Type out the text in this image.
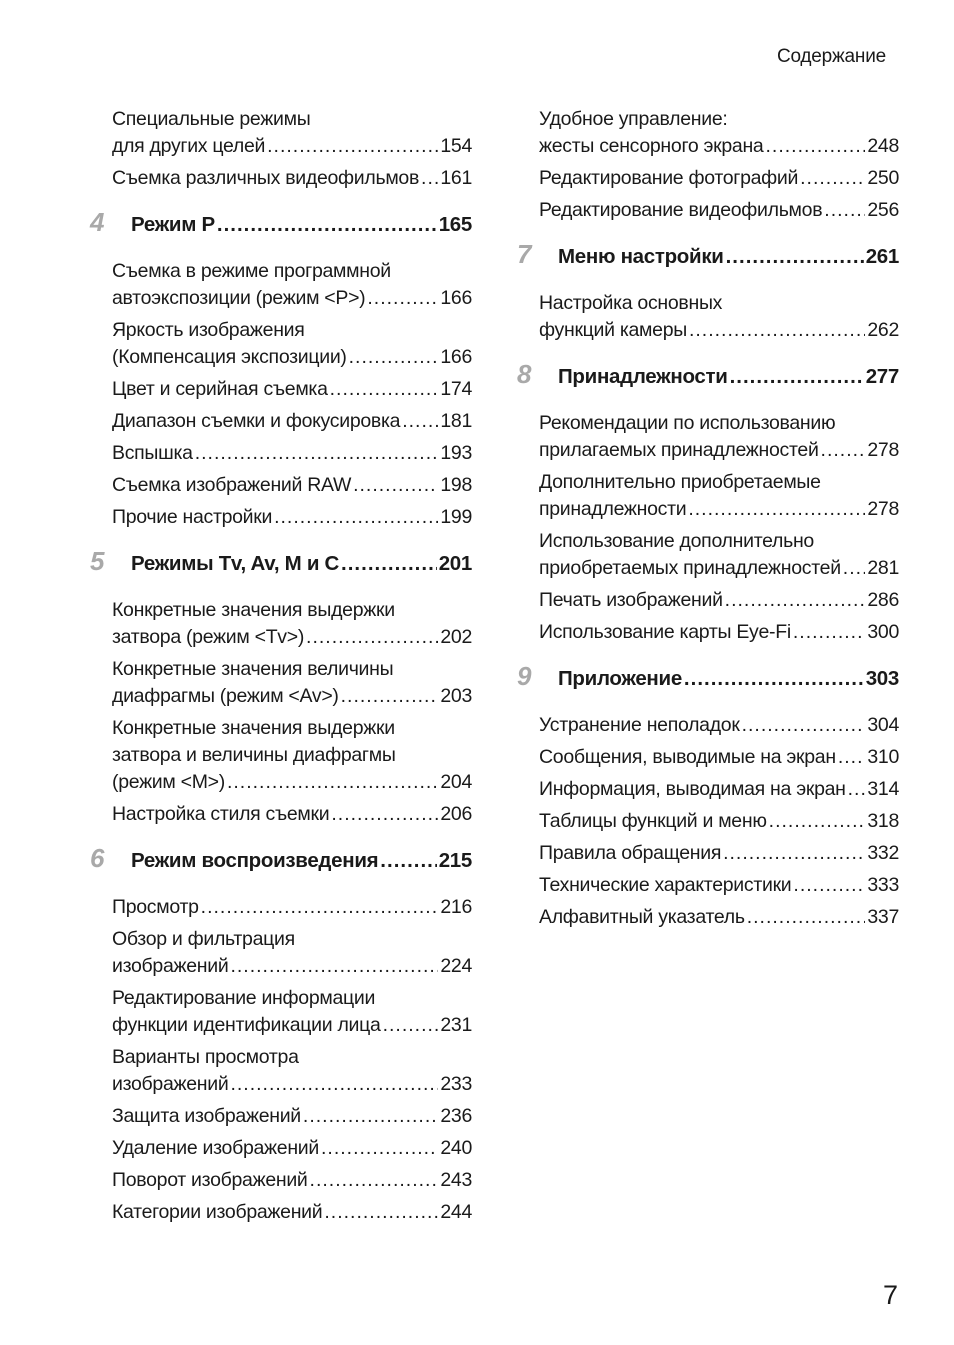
Содержание
Специальные режимы
для других целей .....	154
Съемка различных видеофильмов ..... 161
4 Режим P .....	165
Съемка в режиме программной
автоэкспозиции (режим <P>) .....	166
Яркость изображения
(Компенсация экспозиции) .....	166
Цвет и серийная съемка .....	174
Диапазон съемки и фокусировка ..... 181
Вспышка .....	193
Съемка изображений RAW .....	198
Прочие настройки .....	199
5 Режимы Tv, Av, M и C .....	201
Конкретные значения выдержки
затвора (режим <Tv>) .....	202
Конкретные значения величины
диафрагмы (режим <Av>) .....	203
Конкретные значения выдержки
затвора и величины диафрагмы
(режим <M>) .....	204
Настройка стиля съемки .....	206
6 Режим воспроизведения .....	215
Просмотр .....	216
Обзор и фильтрация
изображений .....	224
Редактирование информации
функции идентификации лица .....	231
Варианты просмотра
изображений .....	233
Защита изображений .....	236
Удаление изображений .....	240
Поворот изображений .....	243
Категории изображений .....	244
Удобное управление:
жесты сенсорного экрана .....	248
Редактирование фотографий .....	250
Редактирование видеофильмов ..... 256
7 Меню настройки .....	261
Настройка основных
функций камеры .....	262
8 Принадлежности .....	277
Рекомендации по использованию
прилагаемых принадлежностей .....	278
Дополнительно приобретаемые
принадлежности .....	278
Использование дополнительно
приобретаемых принадлежностей ..... 281
Печать изображений .....	286
Использование карты Eye-Fi .....	300
9 Приложение .....	303
Устранение неполадок .....	304
Сообщения, выводимые на экран ..... 310
Информация, выводимая на экран ..... 314
Таблицы функций и меню .....	318
Правила обращения .....	332
Технические характеристики .....	333
Алфавитный указатель .....	337
7
